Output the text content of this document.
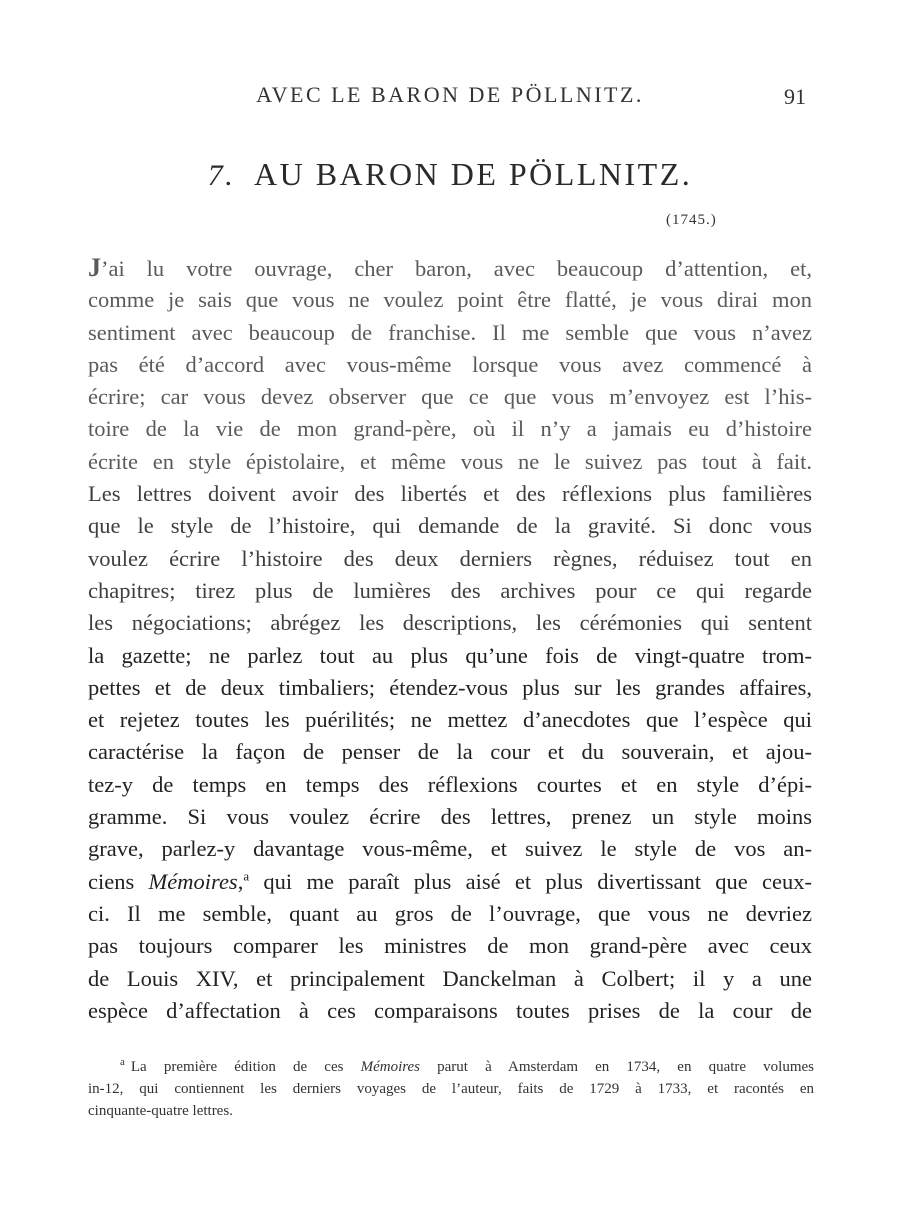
AVEC LE BARON DE PÖLLNITZ.	91
7. AU BARON DE PÖLLNITZ.
(1745.)
J’ai lu votre ouvrage, cher baron, avec beaucoup d’attention, et,
comme je sais que vous ne voulez point être flatté, je vous dirai mon
sentiment avec beaucoup de franchise. Il me semble que vous n’avez
pas été d’accord avec vous-même lorsque vous avez commencé à
écrire; car vous devez observer que ce que vous m’envoyez est l’his-
toire de la vie de mon grand-père, où il n’y a jamais eu d’histoire
écrite en style épistolaire, et même vous ne le suivez pas tout à fait.
Les lettres doivent avoir des libertés et des réflexions plus familières
que le style de l’histoire, qui demande de la gravité. Si donc vous
voulez écrire l’histoire des deux derniers règnes, réduisez tout en
chapitres; tirez plus de lumières des archives pour ce qui regarde
les négociations; abrégez les descriptions, les cérémonies qui sentent
la gazette; ne parlez tout au plus qu’une fois de vingt-quatre trom-
pettes et de deux timbaliers; étendez-vous plus sur les grandes affaires,
et rejetez toutes les puérilités; ne mettez d’anecdotes que l’espèce qui
caractérise la façon de penser de la cour et du souverain, et ajou-
tez-y de temps en temps des réflexions courtes et en style d’épi-
gramme. Si vous voulez écrire des lettres, prenez un style moins
grave, parlez-y davantage vous-même, et suivez le style de vos an-
ciens Mémoires,$^a$ qui me paraît plus aisé et plus divertissant que ceux-
ci. Il me semble, quant au gros de l’ouvrage, que vous ne devriez
pas toujours comparer les ministres de mon grand-père avec ceux
de Louis XIV, et principalement Danckelman à Colbert; il y a une
espèce d’affectation à ces comparaisons toutes prises de la cour de
$^a$ La première édition de ces Mémoires parut à Amsterdam en 1734, en quatre volumes
in-12, qui contiennent les derniers voyages de l’auteur, faits de 1729 à 1733, et racontés en
cinquante-quatre lettres.
